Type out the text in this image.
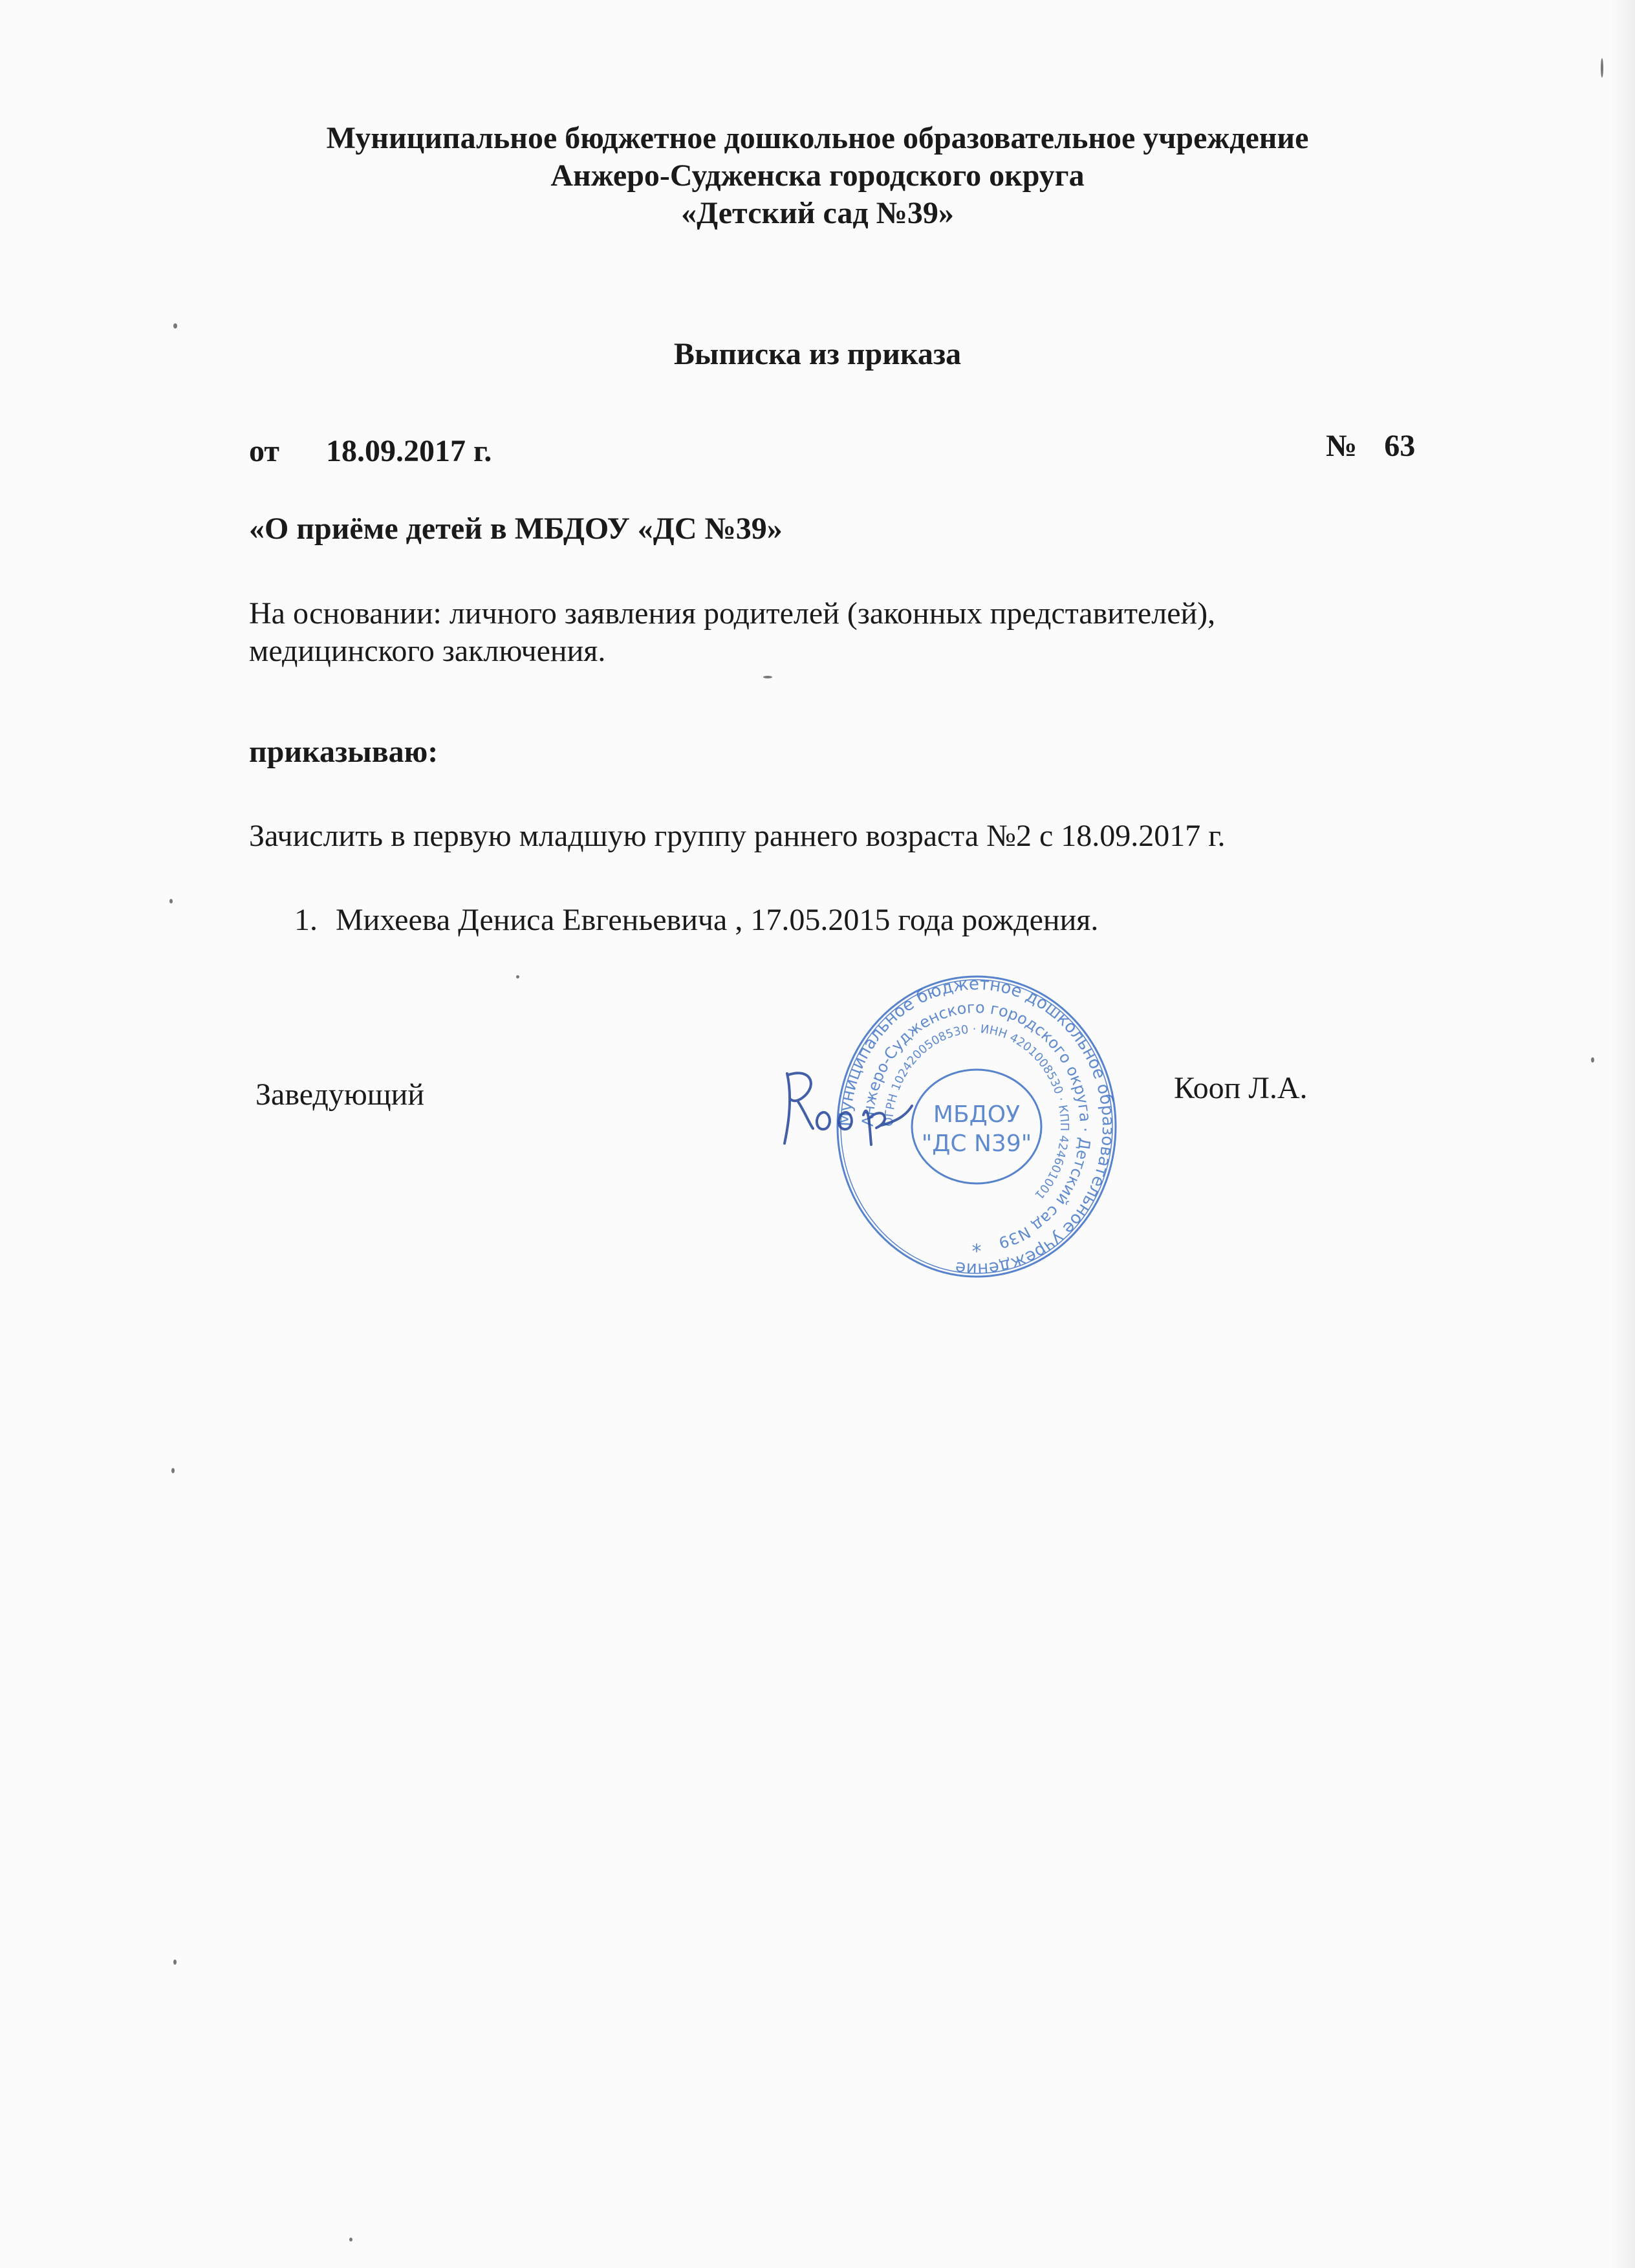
Муниципальное бюджетное дошкольное образовательное учреждение
Анжеро-Судженска городского округа
«Детский сад №39»
Выписка из приказа
от 18.09.2017 г.	№ 63
«О приёме детей в МБДОУ «ДС №39»
На основании: личного заявления родителей (законных представителей),
медицинского заключения.
приказываю:
Зачислить в первую младшую группу раннего возраста №2 с 18.09.2017 г.
1. Михеева Дениса Евгеньевича , 17.05.2015 года рождения.
Заведующий	Кооп Л.А.
Муниципальное бюджетное дошкольное образовательное учреждение
Анжеро-Судженского городского округа · Детский сад N39
ОГРН 1024200508530 · ИНН 4201008530 · КПП 424601001
МБДОУ
"ДС N39"
*
